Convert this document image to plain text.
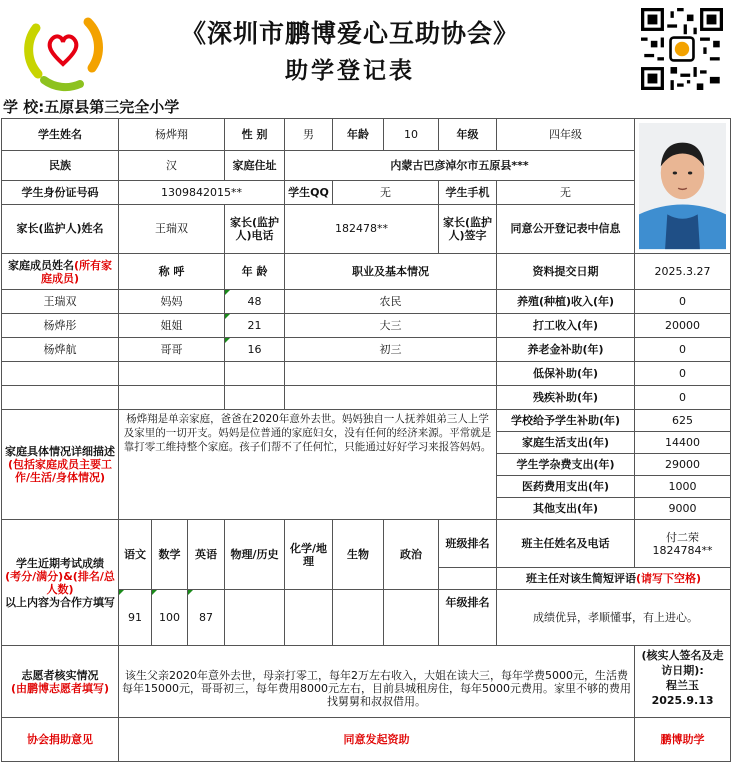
《深圳市鹏博爱心互助协会》
助学登记表
学 校:五原县第三完全小学
学生姓名	杨烨翔			性 别	男	年龄	10	年级	四年级	

民族	汉			家庭住址	内蒙古巴彦淖尔市五原县***					
学生身份证号码	1309842015**				学生QQ	无		学生手机	无	
家长(监护人)姓名	王瑞双			家长(监护人)电话	182478**			家长(监护人)签字	同意公开登记表中信息	
家庭成员姓名(所有家庭成员)	称 呼			年 龄	职业及基本情况				资料提交日期	2025.3.27
王瑞双	妈妈			48	农民				养殖(种植)收入(年)	0
杨烨彤	姐姐			21	大三				打工收入(年)	20000
杨烨航	哥哥			16	初三				养老金补助(年)	0
									低保补助(年)	0
									残疾补助(年)	0
家庭具体情况详细描述(包括家庭成员主要工作/生活/身体情况)	杨烨翔是单亲家庭，爸爸在2020年意外去世。妈妈独自一人抚养姐弟三人上学及家里的一切开支。妈妈是位普通的家庭妇女，没有任何的经济来源。平常就是靠打零工维持整个家庭。孩子们帮不了任何忙，只能通过好好学习来报答妈妈。								学校给予学生补助(年)	625
									家庭生活支出(年)	14400
									学生学杂费支出(年)	29000
									医药费用支出(年)	1000
									其他支出(年)	9000
学生近期考试成绩
(考分/满分)&(排名/总人数)
以上内容为合作方填写	语文	数学	英语	物理/历史	化学/地理	生物	政治	班级排名	班主任姓名及电话	付二荣
1824784**
									班主任对该生简短评语(请写下空格)	
	91	100	87					年级排名	成绩优异，孝顺懂事，有上进心。	
志愿者核实情况
(由鹏博志愿者填写)	该生父亲2020年意外去世，母亲打零工，每年2万左右收入，大姐在读大三，每年学费5000元，生活费每年15000元，哥哥初三，每年费用8000元左右，目前县城租房住，每年5000元费用。家里不够的费用找舅舅和叔叔借用。									(核实人签名及走访日期):
程兰玉
2025.9.13
协会捐助意见	同意发起资助									鹏博助学
